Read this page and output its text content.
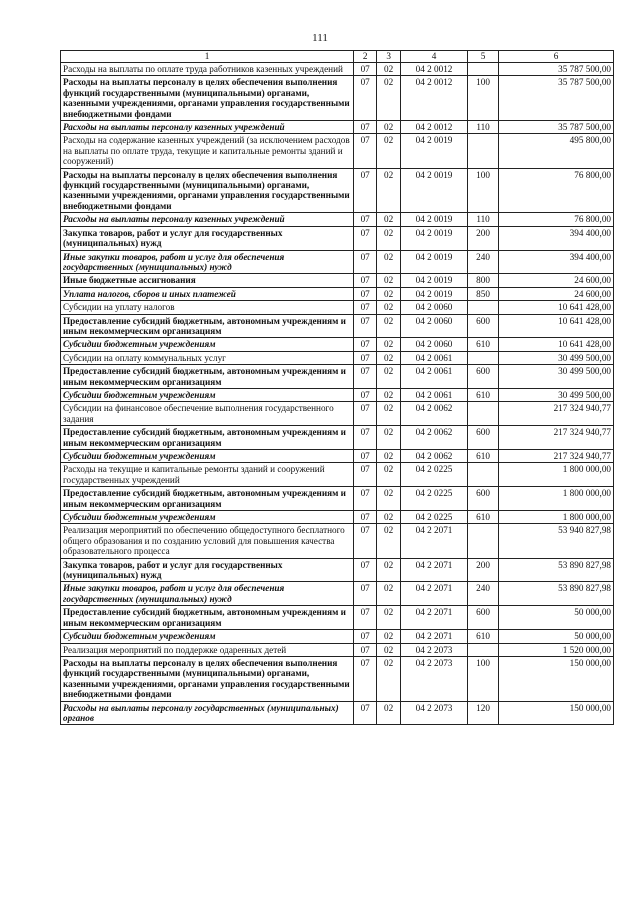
111
1	2	3	4	5	6
Расходы на выплаты по оплате труда работников казенных учреждений	07	02	04 2 0012		35 787 500,00
Расходы на выплаты персоналу в целях обеспечения выполнения функций государственными (муниципальными) органами, казенными учреждениями, органами управления государственными внебюджетными фондами	07	02	04 2 0012	100	35 787 500,00
Расходы на выплаты персоналу казенных учреждений	07	02	04 2 0012	110	35 787 500,00
Расходы на содержание казенных учреждений (за исключением расходов на выплаты по оплате труда, текущие и капитальные ремонты зданий и сооружений)	07	02	04 2 0019		495 800,00
Расходы на выплаты персоналу в целях обеспечения выполнения функций государственными (муниципальными) органами, казенными учреждениями, органами управления государственными внебюджетными фондами	07	02	04 2 0019	100	76 800,00
Расходы на выплаты персоналу казенных учреждений	07	02	04 2 0019	110	76 800,00
Закупка товаров, работ и услуг для государственных (муниципальных) нужд	07	02	04 2 0019	200	394 400,00
Иные закупки товаров, работ и услуг для обеспечения государственных (муниципальных) нужд	07	02	04 2 0019	240	394 400,00
Иные бюджетные ассигнования	07	02	04 2 0019	800	24 600,00
Уплата налогов, сборов и иных платежей	07	02	04 2 0019	850	24 600,00
Субсидии на уплату налогов	07	02	04 2 0060		10 641 428,00
Предоставление субсидий бюджетным, автономным учреждениям и иным некоммерческим организациям	07	02	04 2 0060	600	10 641 428,00
Субсидии бюджетным учреждениям	07	02	04 2 0060	610	10 641 428,00
Субсидии на оплату коммунальных услуг	07	02	04 2 0061		30 499 500,00
Предоставление субсидий бюджетным, автономным учреждениям и иным некоммерческим организациям	07	02	04 2 0061	600	30 499 500,00
Субсидии бюджетным учреждениям	07	02	04 2 0061	610	30 499 500,00
Субсидии на финансовое обеспечение выполнения государственного задания	07	02	04 2 0062		217 324 940,77
Предоставление субсидий бюджетным, автономным учреждениям и иным некоммерческим организациям	07	02	04 2 0062	600	217 324 940,77
Субсидии бюджетным учреждениям	07	02	04 2 0062	610	217 324 940,77
Расходы на текущие и капитальные ремонты зданий и сооружений государственных учреждений	07	02	04 2 0225		1 800 000,00
Предоставление субсидий бюджетным, автономным учреждениям и иным некоммерческим организациям	07	02	04 2 0225	600	1 800 000,00
Субсидии бюджетным учреждениям	07	02	04 2 0225	610	1 800 000,00
Реализация мероприятий по обеспечению общедоступного бесплатного общего образования и по созданию условий для повышения качества образовательного процесса	07	02	04 2 2071		53 940 827,98
Закупка товаров, работ и услуг для государственных (муниципальных) нужд	07	02	04 2 2071	200	53 890 827,98
Иные закупки товаров, работ и услуг для обеспечения государственных (муниципальных) нужд	07	02	04 2 2071	240	53 890 827,98
Предоставление субсидий бюджетным, автономным учреждениям и иным некоммерческим организациям	07	02	04 2 2071	600	50 000,00
Субсидии бюджетным учреждениям	07	02	04 2 2071	610	50 000,00
Реализация мероприятий по поддержке одаренных детей	07	02	04 2 2073		1 520 000,00
Расходы на выплаты персоналу в целях обеспечения выполнения функций государственными (муниципальными) органами, казенными учреждениями, органами управления государственными внебюджетными фондами	07	02	04 2 2073	100	150 000,00
Расходы на выплаты персоналу государственных (муниципальных) органов	07	02	04 2 2073	120	150 000,00
